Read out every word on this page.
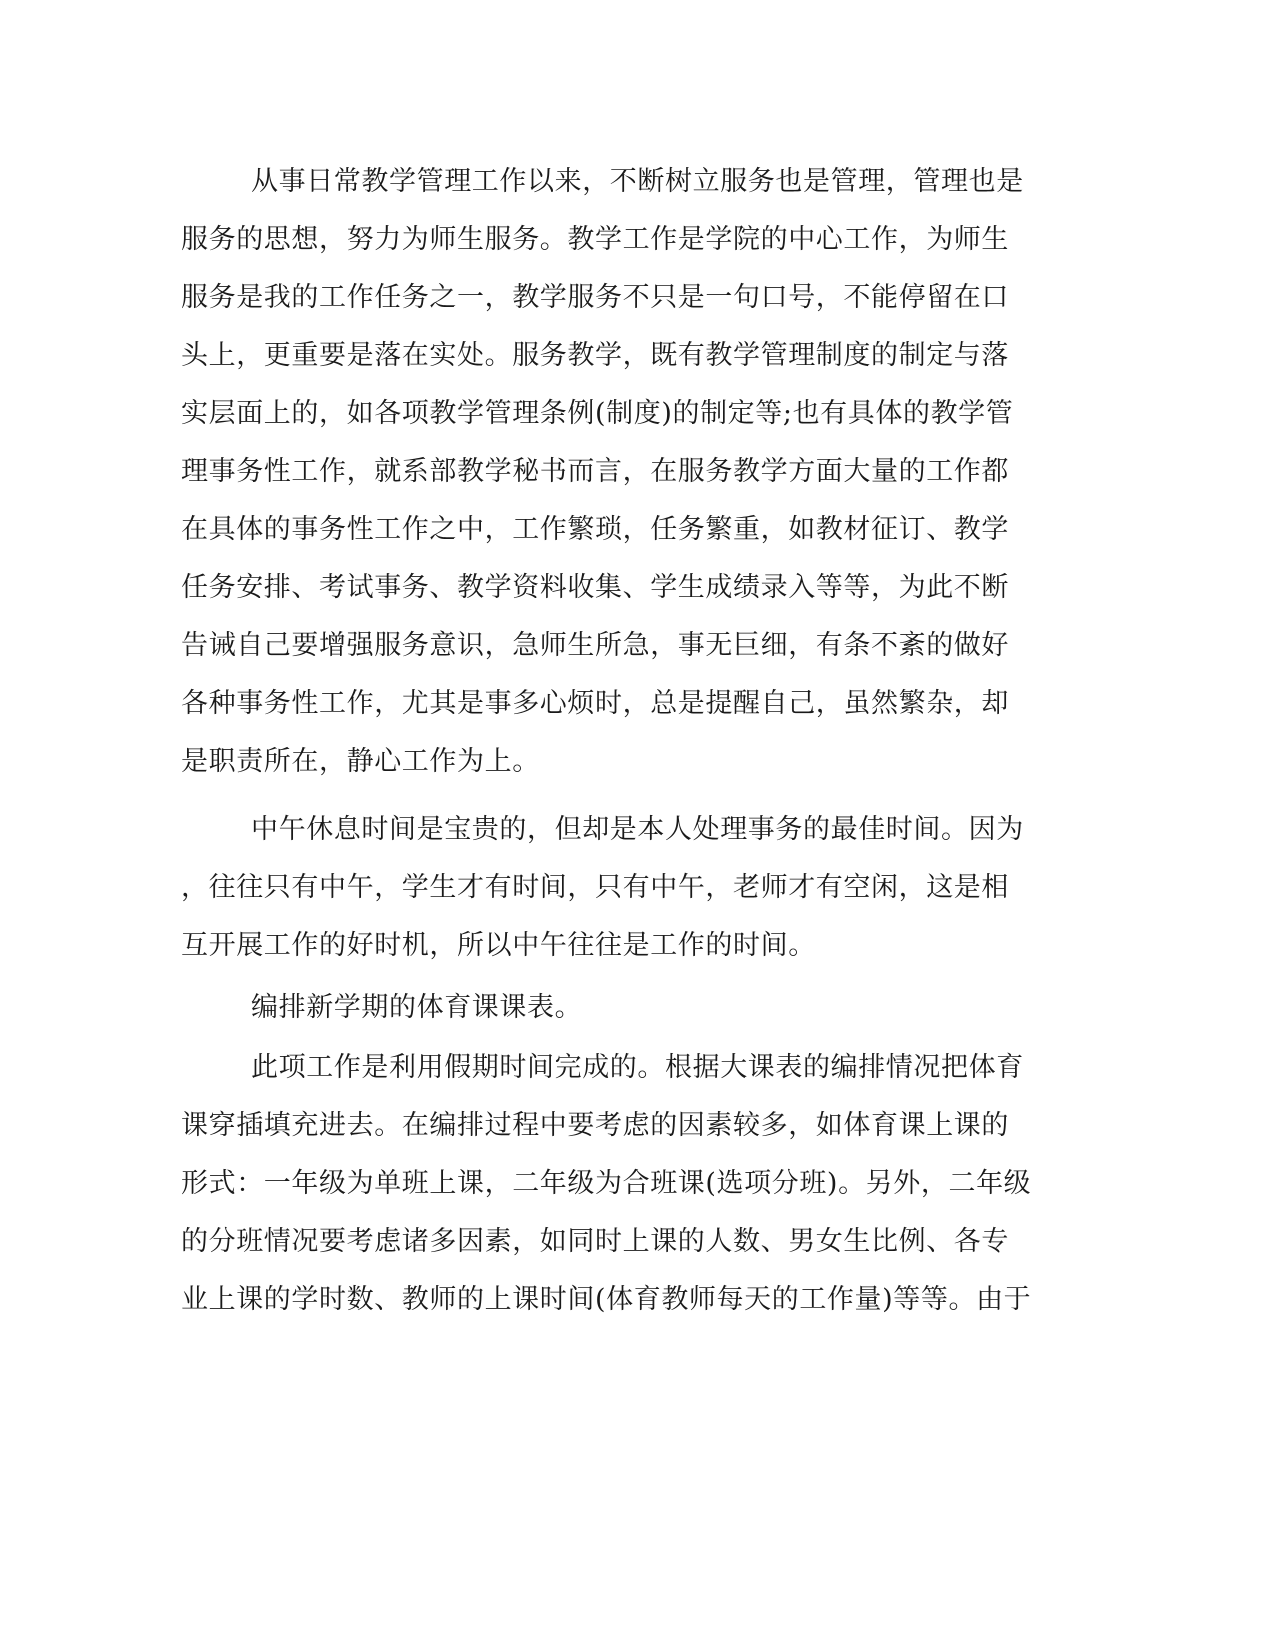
从事日常教学管理工作以来，不断树立服务也是管理，管理也是
服务的思想，努力为师生服务。教学工作是学院的中心工作，为师生
服务是我的工作任务之一，教学服务不只是一句口号，不能停留在口
头上，更重要是落在实处。服务教学，既有教学管理制度的制定与落
实层面上的，如各项教学管理条例(制度)的制定等;也有具体的教学管
理事务性工作，就系部教学秘书而言，在服务教学方面大量的工作都
在具体的事务性工作之中，工作繁琐，任务繁重，如教材征订、教学
任务安排、考试事务、教学资料收集、学生成绩录入等等，为此不断
告诫自己要增强服务意识，急师生所急，事无巨细，有条不紊的做好
各种事务性工作，尤其是事多心烦时，总是提醒自己，虽然繁杂，却
是职责所在，静心工作为上。
中午休息时间是宝贵的，但却是本人处理事务的最佳时间。因为
，往往只有中午，学生才有时间，只有中午，老师才有空闲，这是相
互开展工作的好时机，所以中午往往是工作的时间。
编排新学期的体育课课表。
此项工作是利用假期时间完成的。根据大课表的编排情况把体育
课穿插填充进去。在编排过程中要考虑的因素较多，如体育课上课的
形式：一年级为单班上课，二年级为合班课(选项分班)。另外，二年级
的分班情况要考虑诸多因素，如同时上课的人数、男女生比例、各专
业上课的学时数、教师的上课时间(体育教师每天的工作量)等等。由于
